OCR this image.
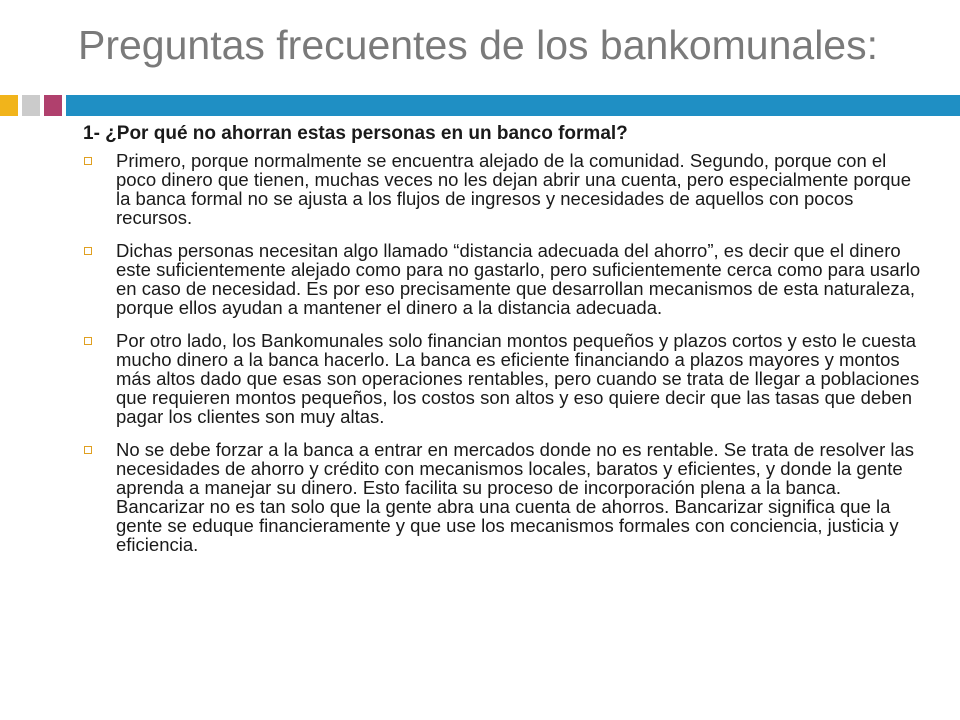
Preguntas frecuentes de los bankomunales:
1- ¿Por qué no ahorran estas personas en un banco formal?
Primero, porque normalmente se encuentra alejado de la comunidad. Segundo, porque con el poco dinero que tienen, muchas veces no les dejan abrir una cuenta, pero especialmente porque la banca formal no se ajusta a los flujos de ingresos y necesidades de aquellos con pocos recursos.
Dichas personas necesitan algo llamado “distancia adecuada del ahorro”, es decir que el dinero este suficientemente alejado como para no gastarlo, pero suficientemente cerca como para usarlo en caso de necesidad. Es por eso precisamente que desarrollan mecanismos de esta naturaleza, porque ellos ayudan a mantener el dinero a la distancia adecuada.
Por otro lado, los Bankomunales solo financian montos pequeños y plazos cortos y esto le cuesta mucho dinero a la banca hacerlo. La banca es eficiente financiando a plazos mayores y montos más altos dado que esas son operaciones rentables, pero cuando se trata de llegar a poblaciones que requieren montos pequeños, los costos son altos y eso quiere decir que las tasas que deben pagar los clientes son muy altas.
No se debe forzar a la banca a entrar en mercados donde no es rentable. Se trata de resolver las necesidades de ahorro y crédito con mecanismos locales, baratos y eficientes, y donde la gente aprenda a manejar su dinero. Esto facilita su proceso de incorporación plena a la banca. Bancarizar no es tan solo que la gente abra una cuenta de ahorros. Bancarizar significa que la gente se eduque financieramente y que use los mecanismos formales con conciencia, justicia y eficiencia.
